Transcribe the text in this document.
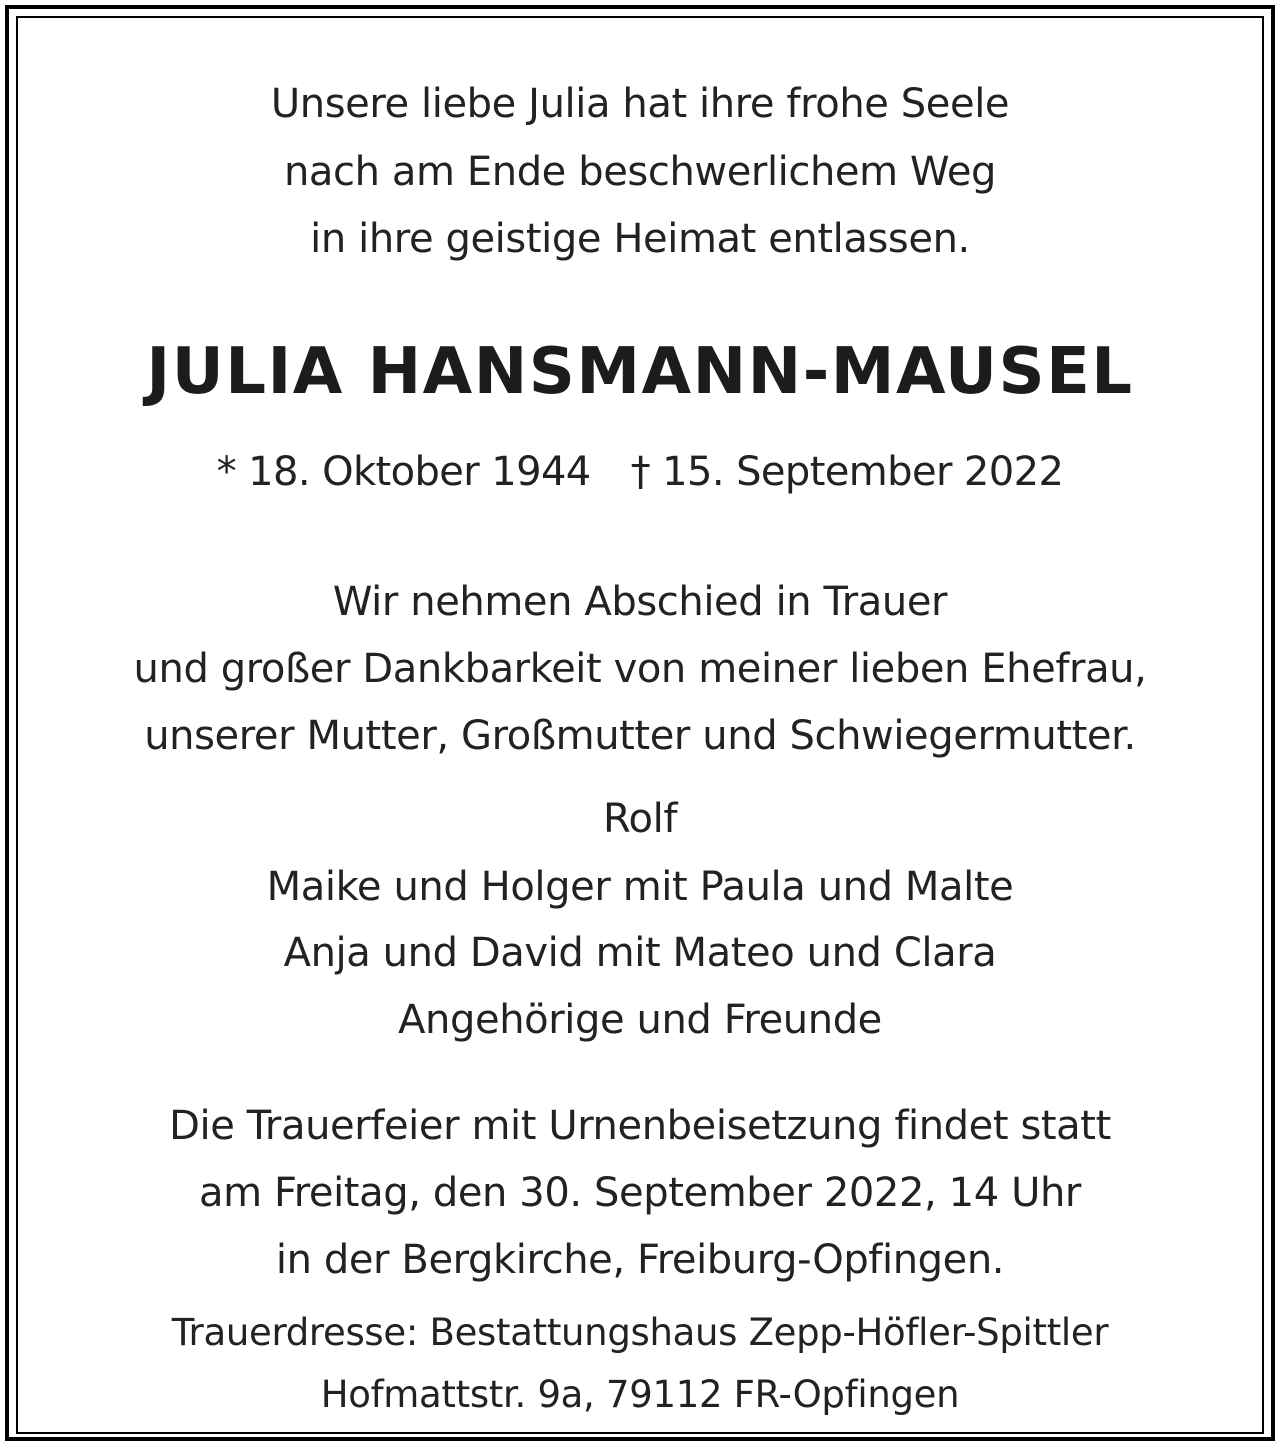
Unsere liebe Julia hat ihre frohe Seele
nach am Ende beschwerlichem Weg
in ihre geistige Heimat entlassen.
JULIA HANSMANN-MAUSEL
* 18. Oktober 1944 † 15. September 2022
Wir nehmen Abschied in Trauer
und großer Dankbarkeit von meiner lieben Ehefrau,
unserer Mutter, Großmutter und Schwiegermutter.
Rolf
Maike und Holger mit Paula und Malte
Anja und David mit Mateo und Clara
Angehörige und Freunde
Die Trauerfeier mit Urnenbeisetzung findet statt
am Freitag, den 30. September 2022, 14 Uhr
in der Bergkirche, Freiburg-Opfingen.
Trauerdresse: Bestattungshaus Zepp-Höfler-Spittler
Hofmattstr. 9a, 79112 FR-Opfingen
